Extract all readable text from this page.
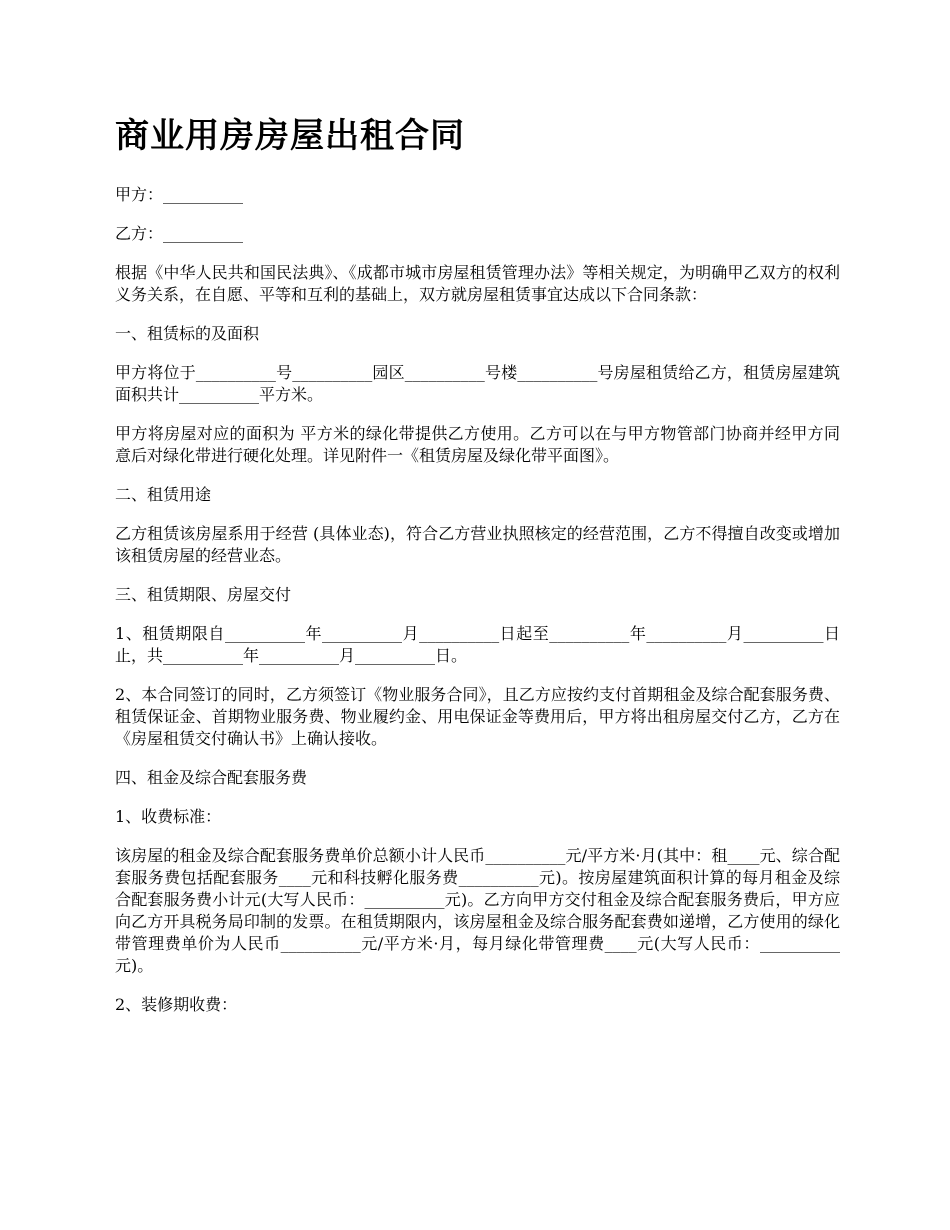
商业用房房屋出租合同

甲方：__________

乙方：__________

根据《中华人民共和国民法典》、《成都市城市房屋租赁管理办法》等相关规定，为明确甲乙双方的权利义务关系，在自愿、平等和互利的基础上，双方就房屋租赁事宜达成以下合同条款：

一、租赁标的及面积

甲方将位于__________号__________园区__________号楼__________号房屋租赁给乙方，租赁房屋建筑面积共计__________平方米。

甲方将房屋对应的面积为 平方米的绿化带提供乙方使用。乙方可以在与甲方物管部门协商并经甲方同意后对绿化带进行硬化处理。详见附件一《租赁房屋及绿化带平面图》。

二、租赁用途

乙方租赁该房屋系用于经营 (具体业态)，符合乙方营业执照核定的经营范围，乙方不得擅自改变或增加该租赁房屋的经营业态。

三、租赁期限、房屋交付

1、租赁期限自__________年__________月__________日起至__________年__________月__________日止，共__________年__________月__________日。

2、本合同签订的同时，乙方须签订《物业服务合同》，且乙方应按约支付首期租金及综合配套服务费、租赁保证金、首期物业服务费、物业履约金、用电保证金等费用后，甲方将出租房屋交付乙方，乙方在《房屋租赁交付确认书》上确认接收。

四、租金及综合配套服务费

1、收费标准：

该房屋的租金及综合配套服务费单价总额小计人民币__________元/平方米·月(其中：租____元、综合配套服务费包括配套服务____元和科技孵化服务费__________元)。按房屋建筑面积计算的每月租金及综合配套服务费小计元(大写人民币：__________元)。乙方向甲方交付租金及综合配套服务费后，甲方应向乙方开具税务局印制的发票。在租赁期限内，该房屋租金及综合服务配套费如递增，乙方使用的绿化带管理费单价为人民币__________元/平方米·月，每月绿化带管理费____元(大写人民币：__________元)。

2、装修期收费：
